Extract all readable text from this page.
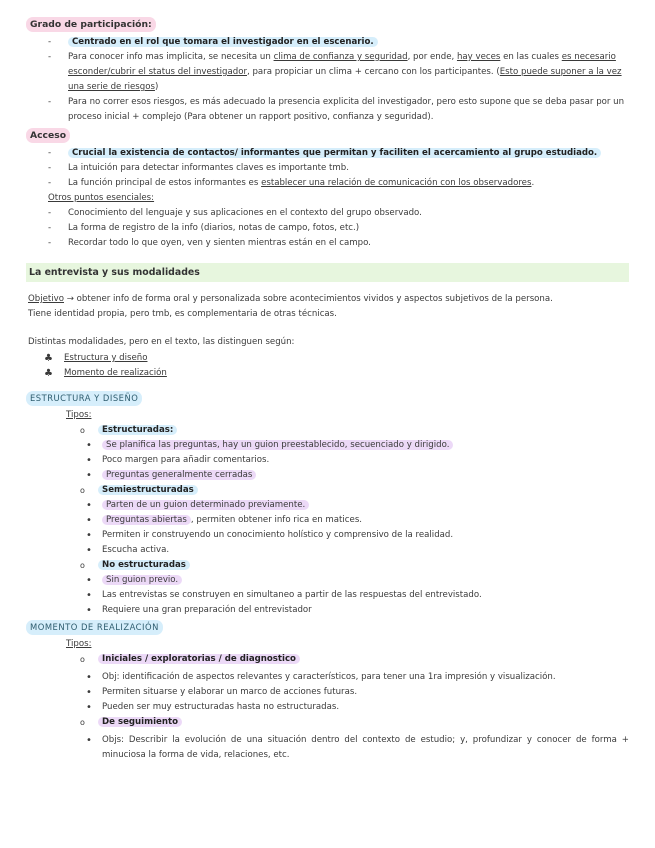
Grado de participación:
- Centrado en el rol que tomara el investigador en el escenario.
- Para conocer info mas implicita, se necesita un clima de confianza y seguridad, por ende, hay veces en las cuales es necesario esconder/cubrir el status del investigador, para propiciar un clima + cercano con los participantes. (Esto puede suponer a la vez una serie de riesgos)
- Para no correr esos riesgos, es más adecuado la presencia explicita del investigador, pero esto supone que se deba pasar por un proceso inicial + complejo (Para obtener un rapport positivo, confianza y seguridad).
Acceso
- Crucial la existencia de contactos/ informantes que permitan y faciliten el acercamiento al grupo estudiado.
- La intuición para detectar informantes claves es importante tmb.
- La función principal de estos informantes es establecer una relación de comunicación con los observadores.
Otros puntos esenciales:
- Conocimiento del lenguaje y sus aplicaciones en el contexto del grupo observado.
- La forma de registro de la info (diarios, notas de campo, fotos, etc.)
- Recordar todo lo que oyen, ven y sienten mientras están en el campo.
La entrevista y sus modalidades

Objetivo → obtener info de forma oral y personalizada sobre acontecimientos vividos y aspectos subjetivos de la persona.

Tiene identidad propia, pero tmb, es complementaria de otras técnicas.

Distintas modalidades, pero en el texto, las distinguen según:

♣ Estructura y diseño
♣ Momento de realización
ESTRUCTURA Y DISEÑO
Tipos:
o Estructuradas:
• Se planifica las preguntas, hay un guion preestablecido, secuenciado y dirigido.
• Poco margen para añadir comentarios.
• Preguntas generalmente cerradas
o Semiestructuradas
• Parten de un guion determinado previamente.
• Preguntas abiertas , permiten obtener info rica en matices.
• Permiten ir construyendo un conocimiento holístico y comprensivo de la realidad.
• Escucha activa.
o No estructuradas
• Sin guion previo.
• Las entrevistas se construyen en simultaneo a partir de las respuestas del entrevistado.
• Requiere una gran preparación del entrevistador
MOMENTO DE REALIZACIÓN
Tipos:
o Iniciales / exploratorias / de diagnostico
• Obj: identificación de aspectos relevantes y característicos, para tener una 1ra impresión y visualización.
• Permiten situarse y elaborar un marco de acciones futuras.
• Pueden ser muy estructuradas hasta no estructuradas.
o De seguimiento
• Objs: Describir la evolución de una situación dentro del contexto de estudio; y, profundizar y conocer de forma + minuciosa la forma de vida, relaciones, etc.
